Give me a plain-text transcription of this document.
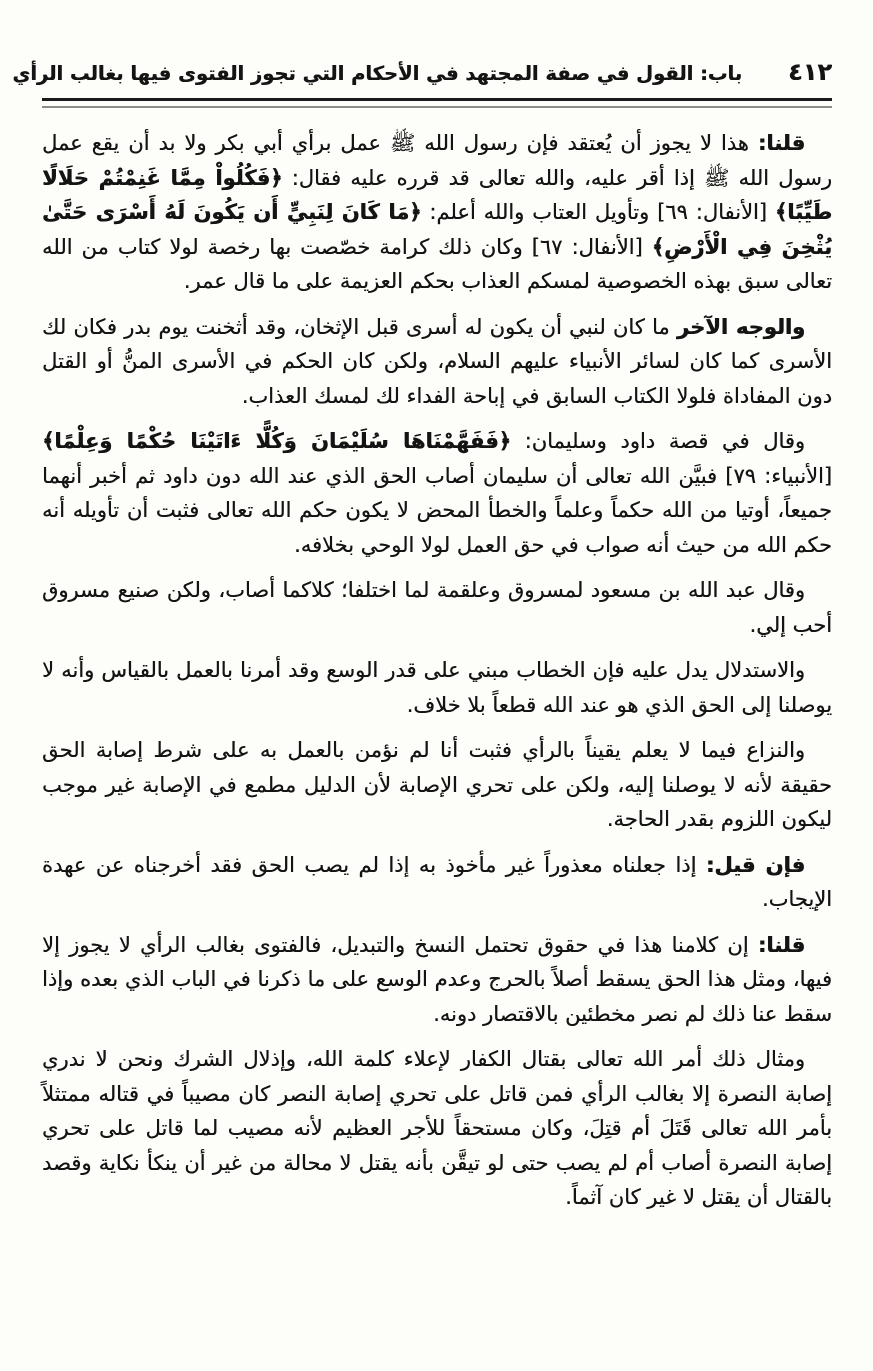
٤١٢
باب: القول في صفة المجتهد في الأحكام التي تجوز الفتوى فيها بغالب الرأي

قلنا: هذا لا يجوز أن يُعتقد فإن رسول الله ﷺ عمل برأي أبي بكر ولا بد أن يقع عمل رسول الله ﷺ إذا أقر عليه، والله تعالى قد قرره عليه فقال: ﴿فَكُلُواْ مِمَّا غَنِمْتُمْ حَلَالًا طَيِّبًا﴾ [الأنفال: ٦٩] وتأويل العتاب والله أعلم: ﴿مَا كَانَ لِنَبِيٍّ أَن يَكُونَ لَهُ أَسْرَى حَتَّىٰ يُثْخِنَ فِي الْأَرْضِ﴾ [الأنفال: ٦٧] وكان ذلك كرامة خصّصت بها رخصة لولا كتاب من الله تعالى سبق بهذه الخصوصية لمسكم العذاب بحكم العزيمة على ما قال عمر.

والوجه الآخر ما كان لنبي أن يكون له أسرى قبل الإثخان، وقد أثخنت يوم بدر فكان لك الأسرى كما كان لسائر الأنبياء عليهم السلام، ولكن كان الحكم في الأسرى المنُّ أو القتل دون المفاداة فلولا الكتاب السابق في إباحة الفداء لك لمسك العذاب.

وقال في قصة داود وسليمان: ﴿فَفَهَّمْنَاهَا سُلَيْمَانَ وَكُلًّا ءَاتَيْنَا حُكْمًا وَعِلْمًا﴾ [الأنبياء: ٧٩] فبيَّن الله تعالى أن سليمان أصاب الحق الذي عند الله دون داود ثم أخبر أنهما جميعاً، أوتيا من الله حكماً وعلماً والخطأ المحض لا يكون حكم الله تعالى فثبت أن تأويله أنه حكم الله من حيث أنه صواب في حق العمل لولا الوحي بخلافه.

وقال عبد الله بن مسعود لمسروق وعلقمة لما اختلفا؛ كلاكما أصاب، ولكن صنيع مسروق أحب إلي.

والاستدلال يدل عليه فإن الخطاب مبني على قدر الوسع وقد أمرنا بالعمل بالقياس وأنه لا يوصلنا إلى الحق الذي هو عند الله قطعاً بلا خلاف.

والنزاع فيما لا يعلم يقيناً بالرأي فثبت أنا لم نؤمن بالعمل به على شرط إصابة الحق حقيقة لأنه لا يوصلنا إليه، ولكن على تحري الإصابة لأن الدليل مطمع في الإصابة غير موجب ليكون اللزوم بقدر الحاجة.

فإن قيل: إذا جعلناه معذوراً غير مأخوذ به إذا لم يصب الحق فقد أخرجناه عن عهدة الإيجاب.

قلنا: إن كلامنا هذا في حقوق تحتمل النسخ والتبديل، فالفتوى بغالب الرأي لا يجوز إلا فيها، ومثل هذا الحق يسقط أصلاً بالحرج وعدم الوسع على ما ذكرنا في الباب الذي بعده وإذا سقط عنا ذلك لم نصر مخطئين بالاقتصار دونه.

ومثال ذلك أمر الله تعالى بقتال الكفار لإعلاء كلمة الله، وإذلال الشرك ونحن لا ندري إصابة النصرة إلا بغالب الرأي فمن قاتل على تحري إصابة النصر كان مصيباً في قتاله ممتثلاً بأمر الله تعالى قَتَلَ أم قتِلَ، وكان مستحقاً للأجر العظيم لأنه مصيب لما قاتل على تحري إصابة النصرة أصاب أم لم يصب حتى لو تيقَّن بأنه يقتل لا محالة من غير أن ينكأ نكاية وقصد بالقتال أن يقتل لا غير كان آثماً.
